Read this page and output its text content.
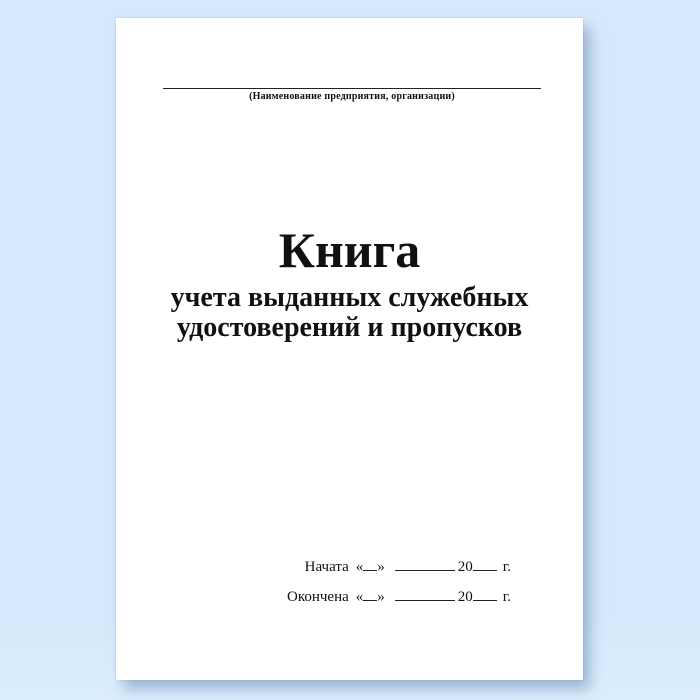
(Наименование предприятия, организации)
Книга
учета выданных служебных
удостоверений и пропусков
Начата « »	20 г.
Окончена « »	20 г.
